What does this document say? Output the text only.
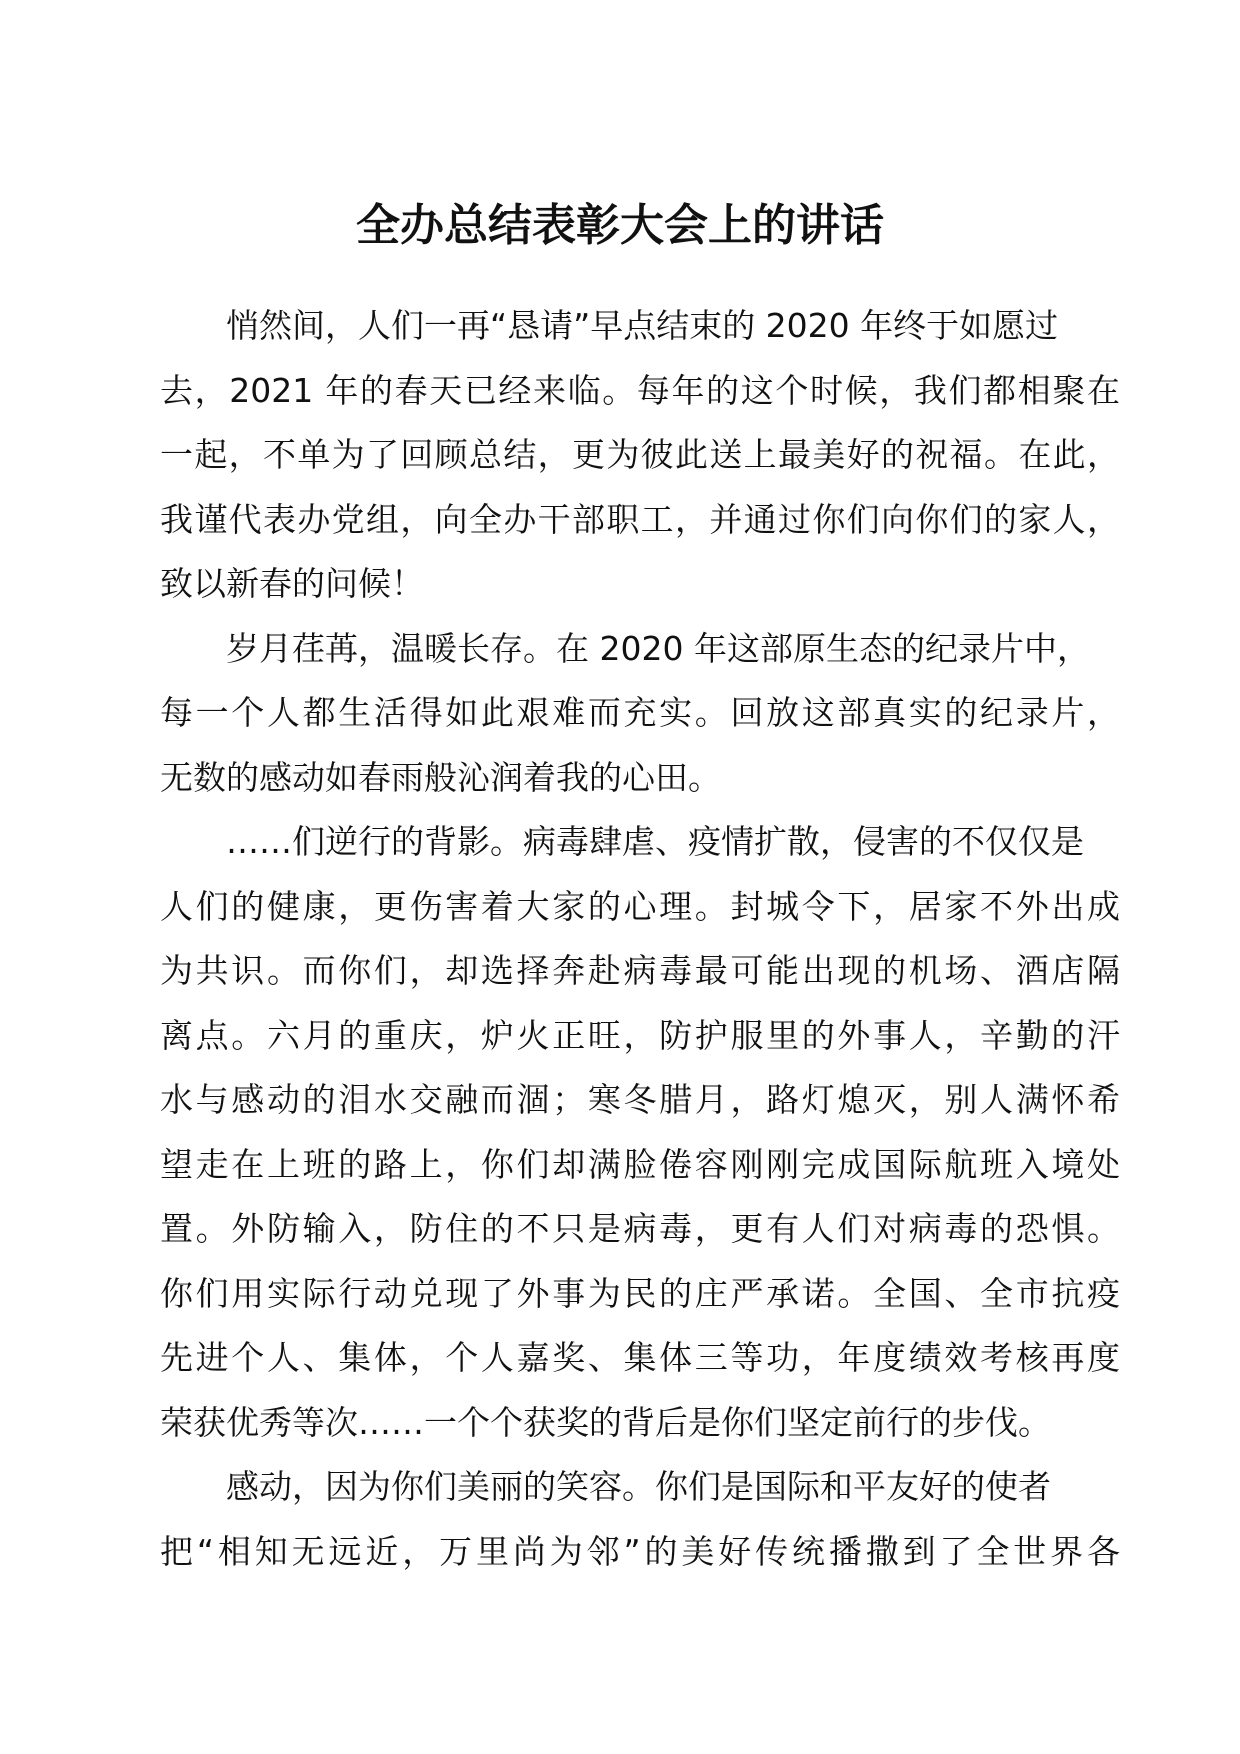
全办总结表彰大会上的讲话
悄然间，人们一再“恳请”早点结束的 2020 年终于如愿过
去，2021 年的春天已经来临。每年的这个时候，我们都相聚在
一起，不单为了回顾总结，更为彼此送上最美好的祝福。在此，
我谨代表办党组，向全办干部职工，并通过你们向你们的家人，
致以新春的问候！
岁月荏苒，温暖长存。在 2020 年这部原生态的纪录片中，
每一个人都生活得如此艰难而充实。回放这部真实的纪录片，
无数的感动如春雨般沁润着我的心田。
……们逆行的背影。病毒肆虐、疫情扩散，侵害的不仅仅是
人们的健康，更伤害着大家的心理。封城令下，居家不外出成
为共识。而你们，却选择奔赴病毒最可能出现的机场、酒店隔
离点。六月的重庆，炉火正旺，防护服里的外事人，辛勤的汗
水与感动的泪水交融而涸；寒冬腊月，路灯熄灭，别人满怀希
望走在上班的路上，你们却满脸倦容刚刚完成国际航班入境处
置。外防输入，防住的不只是病毒，更有人们对病毒的恐惧。
你们用实际行动兑现了外事为民的庄严承诺。全国、全市抗疫
先进个人、集体，个人嘉奖、集体三等功，年度绩效考核再度
荣获优秀等次……一个个获奖的背后是你们坚定前行的步伐。
感动，因为你们美丽的笑容。你们是国际和平友好的使者
把“相知无远近，万里尚为邻”的美好传统播撒到了全世界各
